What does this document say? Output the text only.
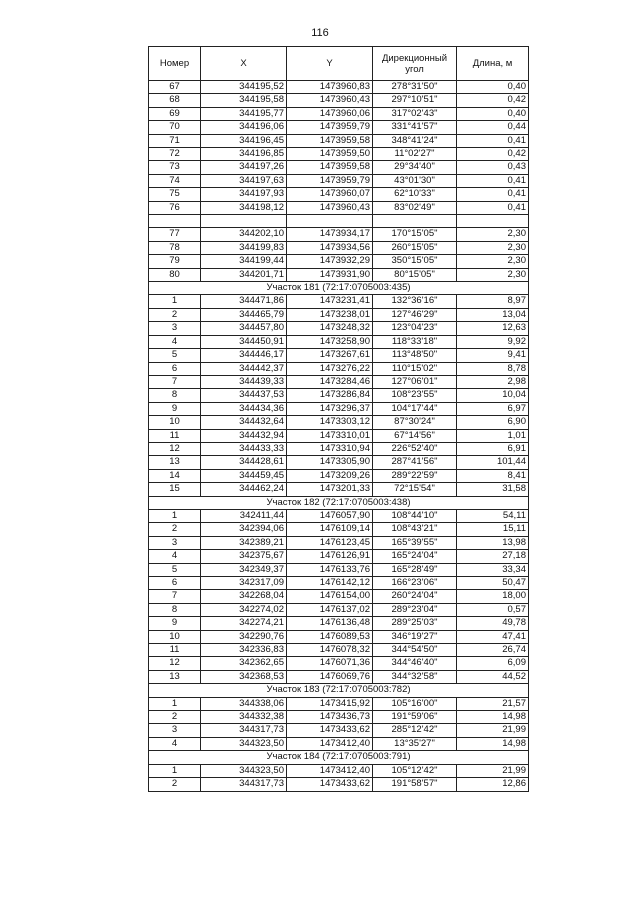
116
Номер	X	Y	Дирекционный угол	Длина, м
67	344195,52	1473960,83	278°31'50"	0,40
68	344195,58	1473960,43	297°10'51"	0,42
69	344195,77	1473960,06	317°02'43"	0,40
70	344196,06	1473959,79	331°41'57"	0,44
71	344196,45	1473959,58	348°41'24"	0,41
72	344196,85	1473959,50	11°02'27"	0,42
73	344197,26	1473959,58	29°34'40"	0,43
74	344197,63	1473959,79	43°01'30"	0,41
75	344197,93	1473960,07	62°10'33"	0,41
76	344198,12	1473960,43	83°02'49"	0,41

77	344202,10	1473934,17	170°15'05"	2,30
78	344199,83	1473934,56	260°15'05"	2,30
79	344199,44	1473932,29	350°15'05"	2,30
80	344201,71	1473931,90	80°15'05"	2,30
Участок 181 (72:17:0705003:435)				
1	344471,86	1473231,41	132°36'16"	8,97
2	344465,79	1473238,01	127°46'29"	13,04
3	344457,80	1473248,32	123°04'23"	12,63
4	344450,91	1473258,90	118°33'18"	9,92
5	344446,17	1473267,61	113°48'50"	9,41
6	344442,37	1473276,22	110°15'02"	8,78
7	344439,33	1473284,46	127°06'01"	2,98
8	344437,53	1473286,84	108°23'55"	10,04
9	344434,36	1473296,37	104°17'44"	6,97
10	344432,64	1473303,12	87°30'24"	6,90
11	344432,94	1473310,01	67°14'56"	1,01
12	344433,33	1473310,94	226°52'40"	6,91
13	344428,61	1473305,90	287°41'56"	101,44
14	344459,45	1473209,26	289°22'59"	8,41
15	344462,24	1473201,33	72°15'54"	31,58
Участок 182 (72:17:0705003:438)				
1	342411,44	1476057,90	108°44'10"	54,11
2	342394,06	1476109,14	108°43'21"	15,11
3	342389,21	1476123,45	165°39'55"	13,98
4	342375,67	1476126,91	165°24'04"	27,18
5	342349,37	1476133,76	165°28'49"	33,34
6	342317,09	1476142,12	166°23'06"	50,47
7	342268,04	1476154,00	260°24'04"	18,00
8	342274,02	1476137,02	289°23'04"	0,57
9	342274,21	1476136,48	289°25'03"	49,78
10	342290,76	1476089,53	346°19'27"	47,41
11	342336,83	1476078,32	344°54'50"	26,74
12	342362,65	1476071,36	344°46'40"	6,09
13	342368,53	1476069,76	344°32'58"	44,52
Участок 183 (72:17:0705003:782)				
1	344338,06	1473415,92	105°16'00"	21,57
2	344332,38	1473436,73	191°59'06"	14,98
3	344317,73	1473433,62	285°12'42"	21,99
4	344323,50	1473412,40	13°35'27"	14,98
Участок 184 (72:17:0705003:791)				
1	344323,50	1473412,40	105°12'42"	21,99
2	344317,73	1473433,62	191°58'57"	12,86
